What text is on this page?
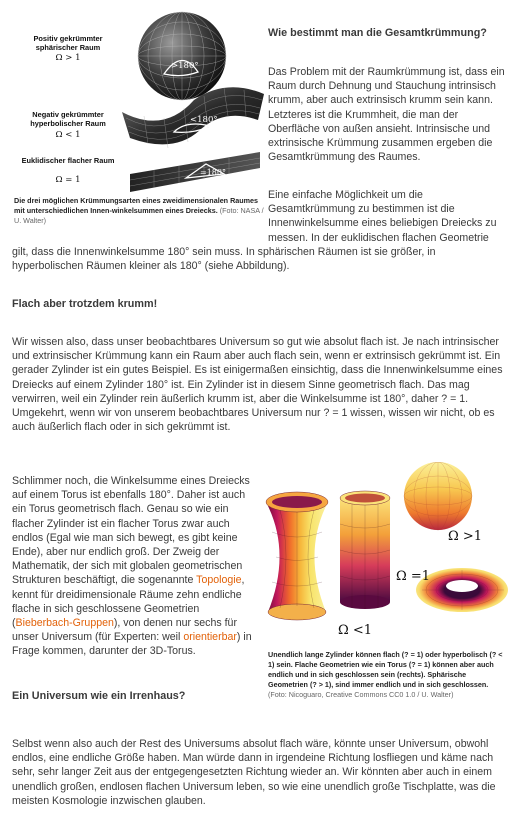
Positiv gekrümmter sphärischer Raum
Ω > 1
Negativ gekrümmter hyperbolischer Raum
Ω < 1
Euklidischer flacher Raum
Ω = 1
>180°
<180°
=180°
Die drei möglichen Krümmungsarten eines zweidimensionalen Raumes mit unterschiedlichen Innen-winkelsummen eines Dreiecks. (Foto: NASA / U. Walter)
Wie bestimmt man die Gesamtkrümmung?

Das Problem mit der Raumkrümmung ist, dass ein Raum durch Dehnung und Stauchung intrinsisch krumm, aber auch extrinsisch krumm sein kann. Letzteres ist die Krummheit, die man der Oberfläche von außen ansieht. Intrinsische und extrinsische Krümmung zusammen ergeben die Gesamtkrümmung des Raumes.

Eine einfache Möglichkeit um die
Gesamtkrümmung zu bestimmen ist die
Innenwinkelsumme eines beliebigen Dreiecks zu
messen. In der euklidischen flachen Geometrie

gilt, dass die Innenwinkelsumme 180° sein muss. In sphärischen Räumen ist sie größer, in hyperbolischen Räumen kleiner als 180° (siehe Abbildung).

Flach aber trotzdem krumm!

Wir wissen also, dass unser beobachtbares Universum so gut wie absolut flach ist. Je nach intrinsischer und extrinsischer Krümmung kann ein Raum aber auch flach sein, wenn er extrinsisch gekrümmt ist. Ein gerader Zylinder ist ein gutes Beispiel. Es ist einigermaßen einsichtig, dass die Innenwinkelsumme eines Dreiecks auf einem Zylinder 180° ist. Ein Zylinder ist in diesem Sinne geometrisch flach. Das mag verwirren, weil ein Zylinder rein äußerlich krumm ist, aber die Winkelsumme ist 180°, daher ? = 1. Umgekehrt, wenn wir von unserem beobachtbares Universum nur ? = 1 wissen, wissen wir nicht, ob es auch äußerlich flach oder in sich gekrümmt ist.

Schlimmer noch, die Winkelsumme eines Dreiecks auf einem Torus ist ebenfalls 180°. Daher ist auch ein Torus geometrisch flach. Genau so wie ein flacher Zylinder ist ein flacher Torus zwar auch endlos (Egal wie man sich bewegt, es gibt keine Ende), aber nur endlich groß. Der Zweig der Mathematik, der sich mit globalen geometrischen Strukturen beschäftigt, die sogenannte Topologie, kennt für dreidimensionale Räume zehn endliche flache in sich geschlossene Geometrien (Bieberbach-Gruppen), von denen nur sechs für unser Universum (für Experten: weil orientierbar) in Frage kommen, darunter der 3D-Torus.

Ω >1
Ω =1
Ω <1
Unendlich lange Zylinder können flach (? = 1) oder hyperbolisch (? < 1) sein. Flache Geometrien wie ein Torus (? = 1) können aber auch endlich und in sich geschlossen sein (rechts). Sphärische Geometrien (? > 1), sind immer endlich und in sich geschlossen. (Foto: Nicoguaro, Creative Commons CC0 1.0 / U. Walter)
Ein Universum wie ein Irrenhaus?

Selbst wenn also auch der Rest des Universums absolut flach wäre, könnte unser Universum, obwohl endlos, eine endliche Größe haben. Man würde dann in irgendeine Richtung losfliegen und käme nach sehr, sehr langer Zeit aus der entgegengesetzten Richtung wieder an. Wir könnten aber auch in einem unendlich großen, endlosen flachen Universum leben, so wie eine unendlich große Tischplatte, was die meisten Kosmologie inzwischen glauben.
